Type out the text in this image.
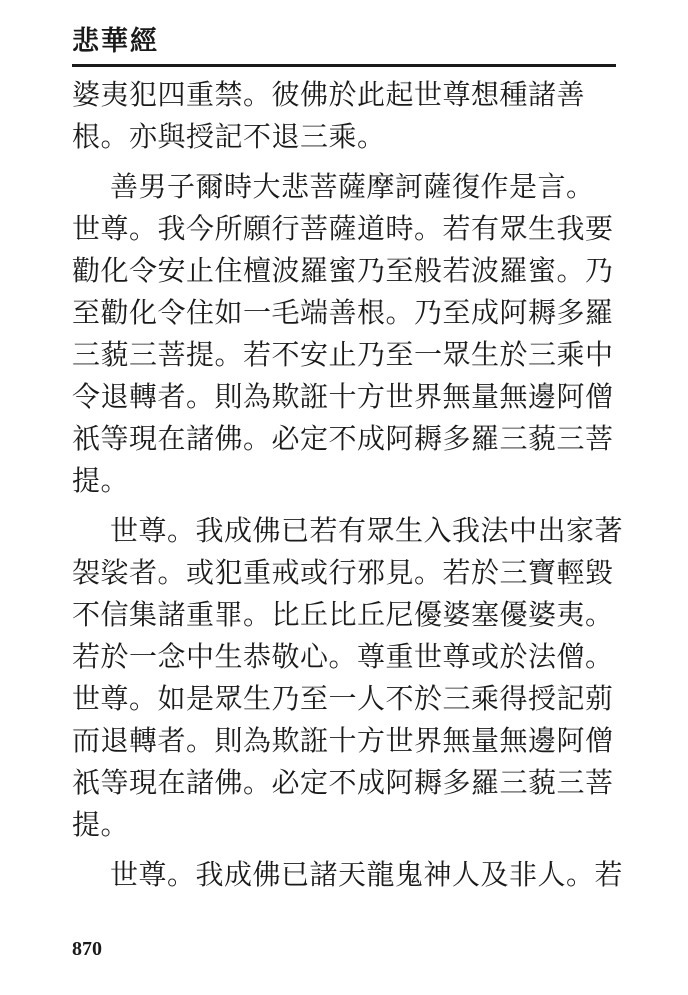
悲華經
婆夷犯四重禁。彼佛於此起世尊想種諸善
根。亦與授記不退三乘。
善男子爾時大悲菩薩摩訶薩復作是言。
世尊。我今所願行菩薩道時。若有眾生我要
勸化令安止住檀波羅蜜乃至般若波羅蜜。乃
至勸化令住如一毛端善根。乃至成阿耨多羅
三藐三菩提。若不安止乃至一眾生於三乘中
令退轉者。則為欺誑十方世界無量無邊阿僧
祇等現在諸佛。必定不成阿耨多羅三藐三菩
提。
世尊。我成佛已若有眾生入我法中出家著
袈裟者。或犯重戒或行邪見。若於三寶輕毀
不信集諸重罪。比丘比丘尼優婆塞優婆夷。
若於一念中生恭敬心。尊重世尊或於法僧。
世尊。如是眾生乃至一人不於三乘得授記莂
而退轉者。則為欺誑十方世界無量無邊阿僧
祇等現在諸佛。必定不成阿耨多羅三藐三菩
提。
世尊。我成佛已諸天龍鬼神人及非人。若
870
